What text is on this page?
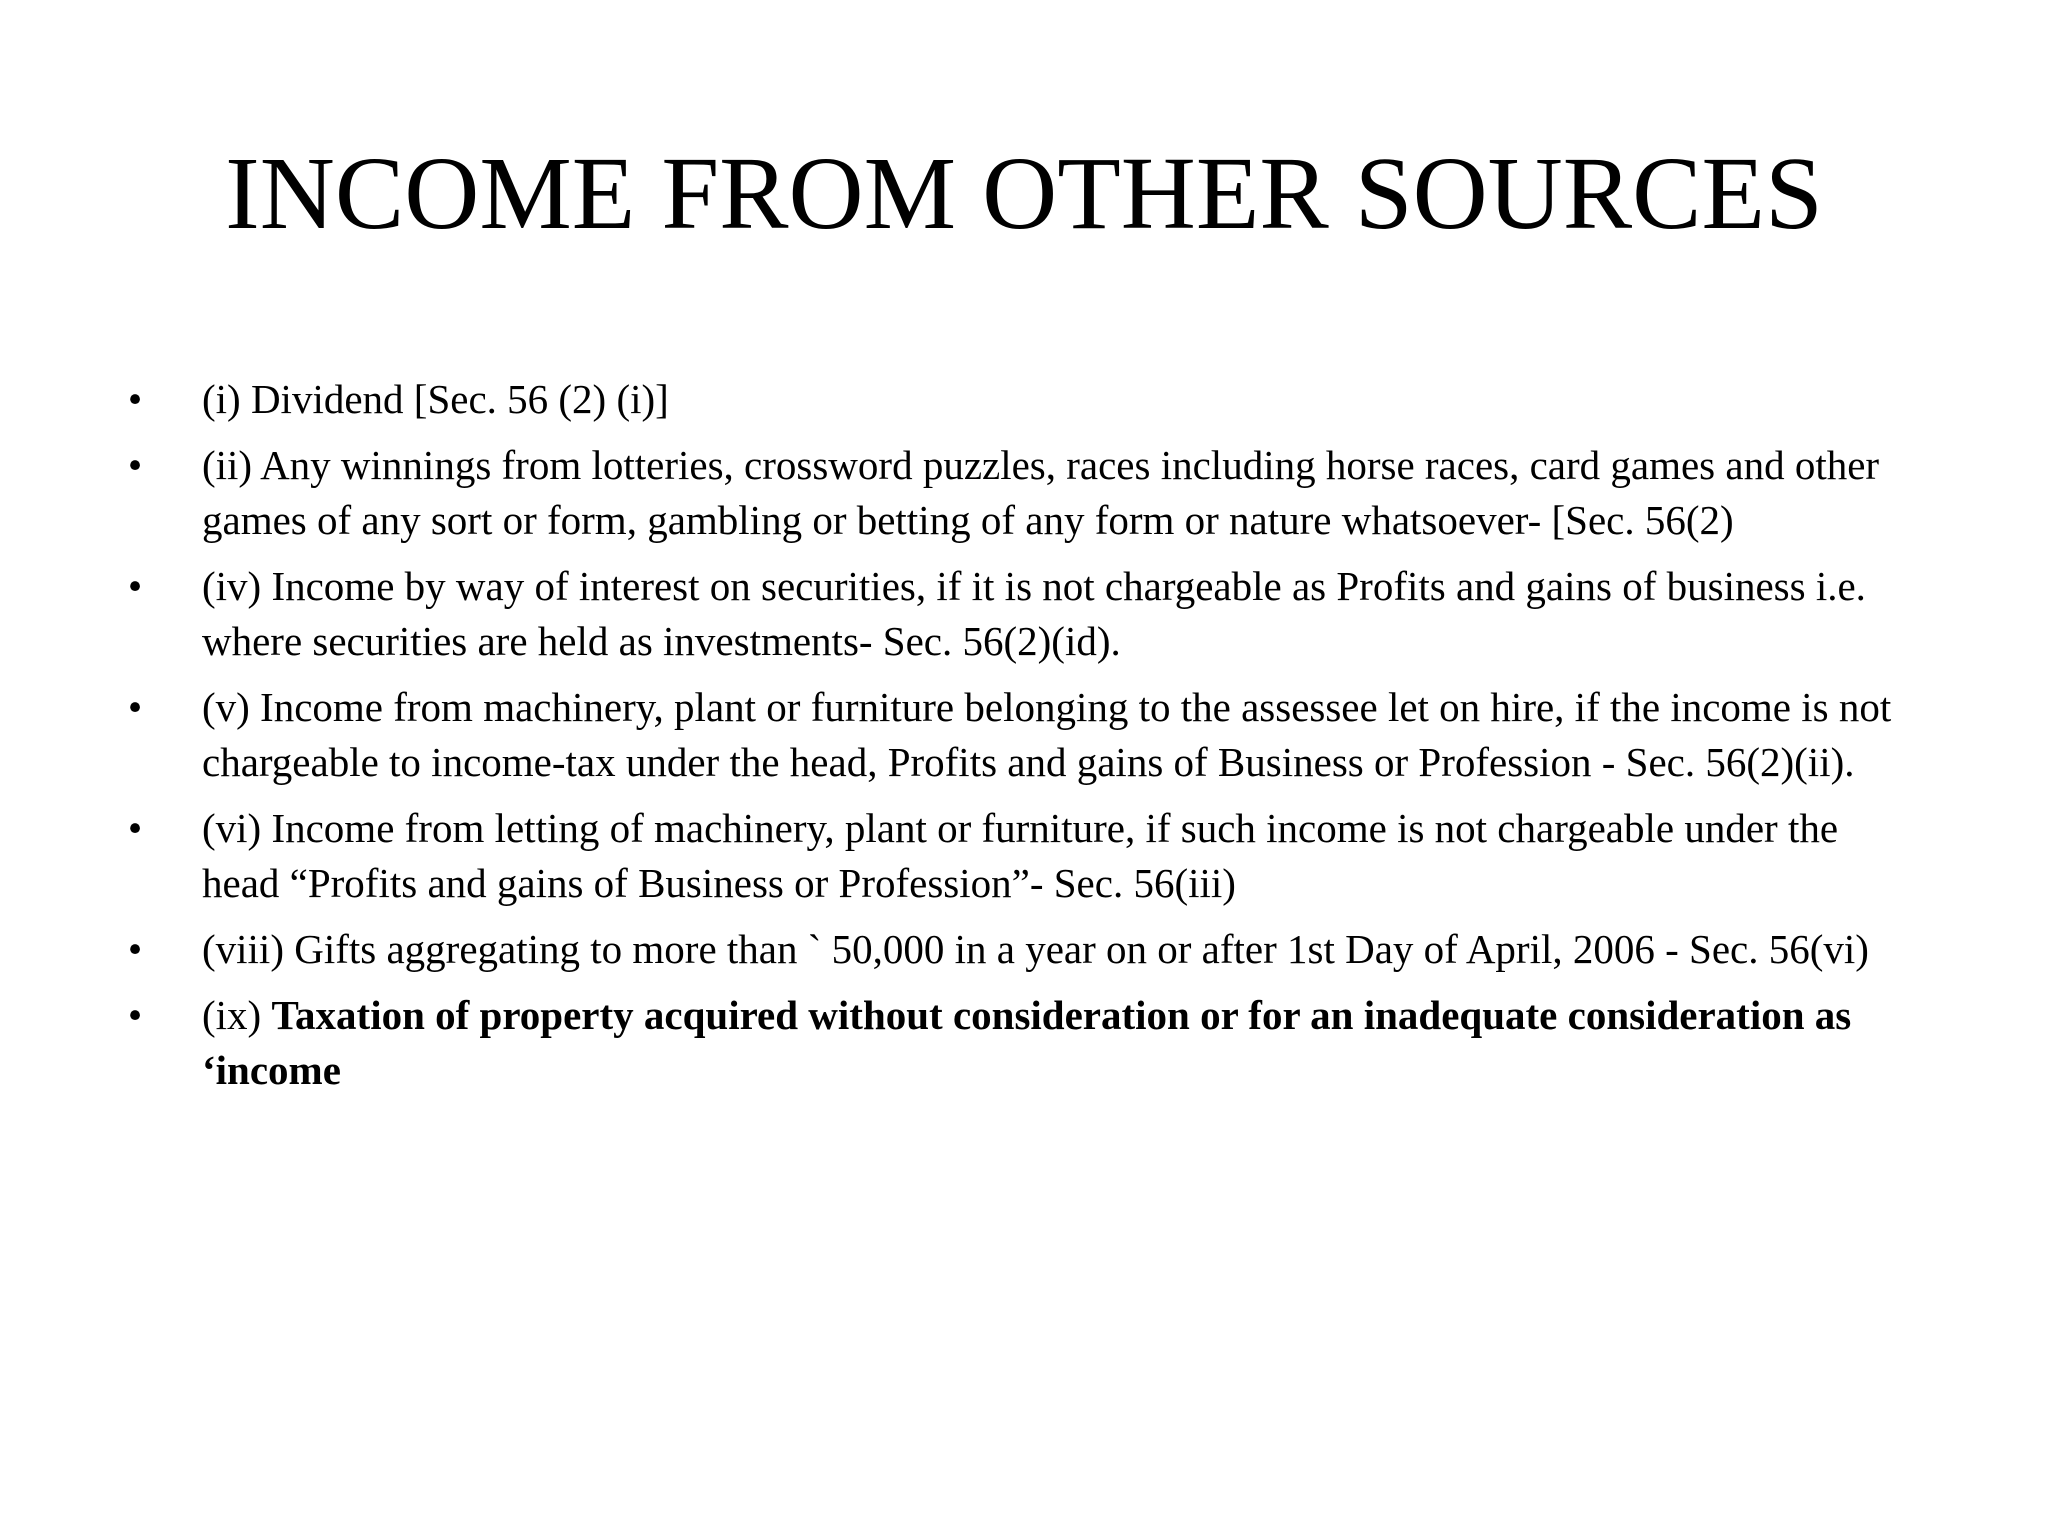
INCOME FROM OTHER SOURCES
• (i) Dividend [Sec. 56 (2) (i)]
• (ii) Any winnings from lotteries, crossword puzzles, races including horse races, card games and other games of any sort or form, gambling or betting of any form or nature whatsoever- [Sec. 56(2)
• (iv) Income by way of interest on securities, if it is not chargeable as Profits and gains of business i.e. where securities are held as investments- Sec. 56(2)(id).
• (v) Income from machinery, plant or furniture belonging to the assessee let on hire, if the income is not chargeable to income-tax under the head, Profits and gains of Business or Profession - Sec. 56(2)(ii).
• (vi) Income from letting of machinery, plant or furniture, if such income is not chargeable under the head “Profits and gains of Business or Profession”- Sec. 56(iii)
• (viii) Gifts aggregating to more than ` 50,000 in a year on or after 1st Day of April, 2006 - Sec. 56(vi)
• (ix) Taxation of property acquired without consideration or for an inadequate consideration as ‘income
